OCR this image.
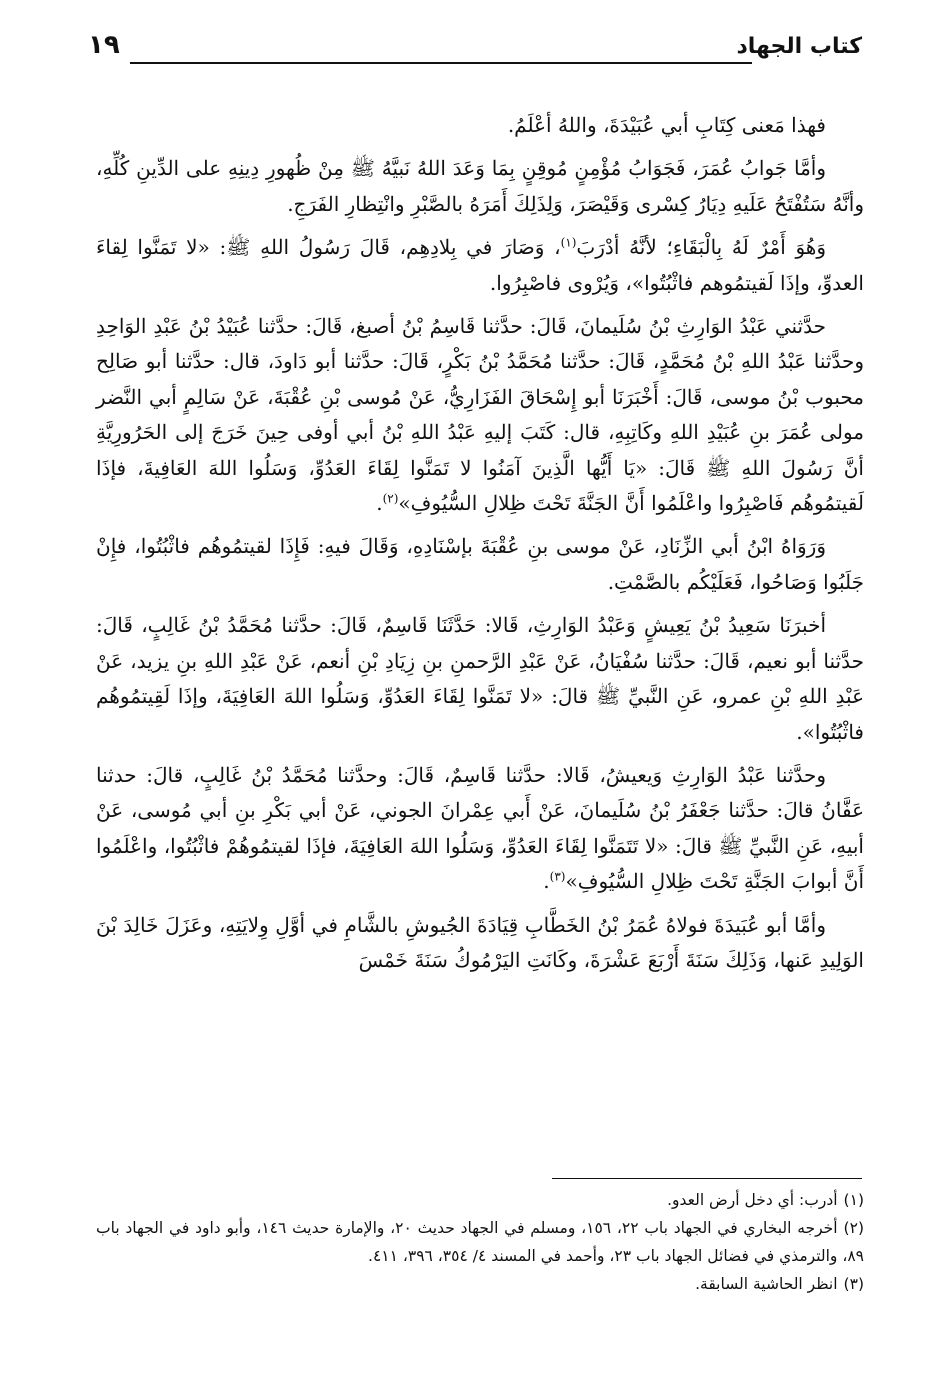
كتاب الجهاد
١٩

فهذا مَعنى كِتَابِ أبي عُبَيْدَةَ، واللهُ أعْلَمُ.

وأمَّا جَوابُ عُمَرَ، فَجَوَابُ مُؤْمِنٍ مُوقِنٍ بِمَا وَعَدَ اللهُ نَبيَّهُ ﷺ مِنْ ظُهورِ دِينِهِ على الدِّينِ كُلِّهِ، وأنَّهُ سَتُفْتَحُ عَلَيهِ دِيَارُ كِسْرى وَقَيْصَرَ، وَلِذَلِكَ أَمَرَهُ بالصَّبْرِ وانْتِظارِ الفَرَجِ.

وَهُوَ أَمْرٌ لَهُ بِالْبَقَاءِ؛ لأنَّهُ أدْرَبَ$^{(١)}$، وَصَارَ في بِلادِهِم، قَالَ رَسُولُ اللهِ ﷺ: «لا تَمَنَّوا لِقاءَ العدوِّ، وإذَا لَقيتمُوهم فاثْبُتُوا»، وَيُرْوى فاصْبِرُوا.

حدَّثني عَبْدُ الوَارِثِ بْنُ سُلَيمانَ، قَالَ: حدَّثنا قَاسِمُ بْنُ أصبغ، قَالَ: حدَّثنا عُبَيْدُ بْنُ عَبْدِ الوَاحِدِ وحدَّثنا عَبْدُ اللهِ بْنُ مُحَمَّدٍ، قَالَ: حدَّثنا مُحَمَّدُ بْنُ بَكْرٍ، قَالَ: حدَّثنا أبو دَاودَ، قال: حدَّثنا أبو صَالِح محبوب بْنُ موسى، قَالَ: أَخْبَرَنَا أبو إِسْحَاقَ الفَزَارِيُّ، عَنْ مُوسى بْنِ عُقْبَةَ، عَنْ سَالِمٍ أبي النَّضر مولى عُمَرَ بنِ عُبَيْدِ اللهِ وكَاتِبِهِ، قال: كَتَبَ إليهِ عَبْدُ اللهِ بْنُ أبي أوفى حِينَ خَرَجَ إلى الحَرُورِيَّةِ أنَّ رَسُولَ اللهِ ﷺ قَالَ: «يَا أَيُّها الَّذِينَ آمَنُوا لا تَمَنَّوا لِقَاءَ العَدُوِّ، وَسَلُوا اللهَ العَافِيةَ، فإذَا لَقيتمُوهُم فَاصْبِرُوا واعْلَمُوا أَنَّ الجَنَّةَ تَحْتَ ظِلالِ السُّيُوفِ»$^{(٢)}$.

وَرَوَاهُ ابْنُ أبي الزِّنَادِ، عَنْ موسى بنِ عُقْبَةَ بإسْنَادِهِ، وَقَالَ فيهِ: فَإِذَا لقيتمُوهُم فاثْبُتُوا، فإِنْ جَلَبُوا وَصَاحُوا، فَعَلَيْكُم بالصَّمْتِ.

أخبرَنَا سَعِيدُ بْنُ يَعِيشٍ وَعَبْدُ الوَارِثِ، قَالا: حَدَّثَنَا قَاسِمٌ، قَالَ: حدَّثنا مُحَمَّدُ بْنُ غَالِبٍ، قَالَ: حدَّثنا أبو نعيم، قَالَ: حدَّثنا سُفْيَانُ، عَنْ عَبْدِ الرَّحمنِ بنِ زِيَادِ بْنِ أنعم، عَنْ عَبْدِ اللهِ بنِ يزيد، عَنْ عَبْدِ اللهِ بْنِ عمرو، عَنِ النَّبيِّ ﷺ قالَ: «لا تَمَنَّوا لِقَاءَ العَدُوِّ، وَسَلُوا اللهَ العَافِيَةَ، وإذَا لَقِيتمُوهُم فاثْبُتُوا».

وحدَّثنا عَبْدُ الوَارِثِ وَيعيشُ، قَالا: حدَّثنا قَاسِمٌ، قَالَ: وحدَّثنا مُحَمَّدُ بْنُ غَالِبٍ، قالَ: حدثنا عَفَّانُ قالَ: حدَّثنا جَعْفَرُ بْنُ سُلَيمانَ، عَنْ أَبي عِمْرانَ الجوني، عَنْ أبي بَكْرِ بنِ أبي مُوسى، عَنْ أبيهِ، عَنِ النَّبيِّ ﷺ قالَ: «لا تَتَمَنَّوا لِقَاءَ العَدُوِّ، وَسَلُوا اللهَ العَافِيَةَ، فإذَا لقيتمُوهُمْ فاثْبُتُوا، واعْلَمُوا أَنَّ أبوابَ الجَنَّةِ تَحْتَ ظِلالِ السُّيُوفِ»$^{(٣)}$.

وأمَّا أبو عُبَيدَةَ فولاهُ عُمَرُ بْنُ الخَطَّابِ قِيَادَةَ الجُيوشِ بالشَّامِ في أوَّلِ وِلايَتِهِ، وعَزَلَ خَالِدَ بْنَ الوَلِيدِ عَنها، وَذَلِكَ سَنَةَ أَرْبَعَ عَشْرَةَ، وكَانَتِ اليَرْمُوكُ سَنَةَ خَمْسَ

(١)أدرب: أي دخل أرض العدو.

(٢)أخرجه البخاري في الجهاد باب ٢٢، ١٥٦، ومسلم في الجهاد حديث ٢٠، والإمارة حديث ١٤٦، وأبو داود في الجهاد باب ٨٩، والترمذي في فضائل الجهاد باب ٢٣، وأحمد في المسند ٤/ ٣٥٤، ٣٩٦، ٤١١.

(٣)انظر الحاشية السابقة.
